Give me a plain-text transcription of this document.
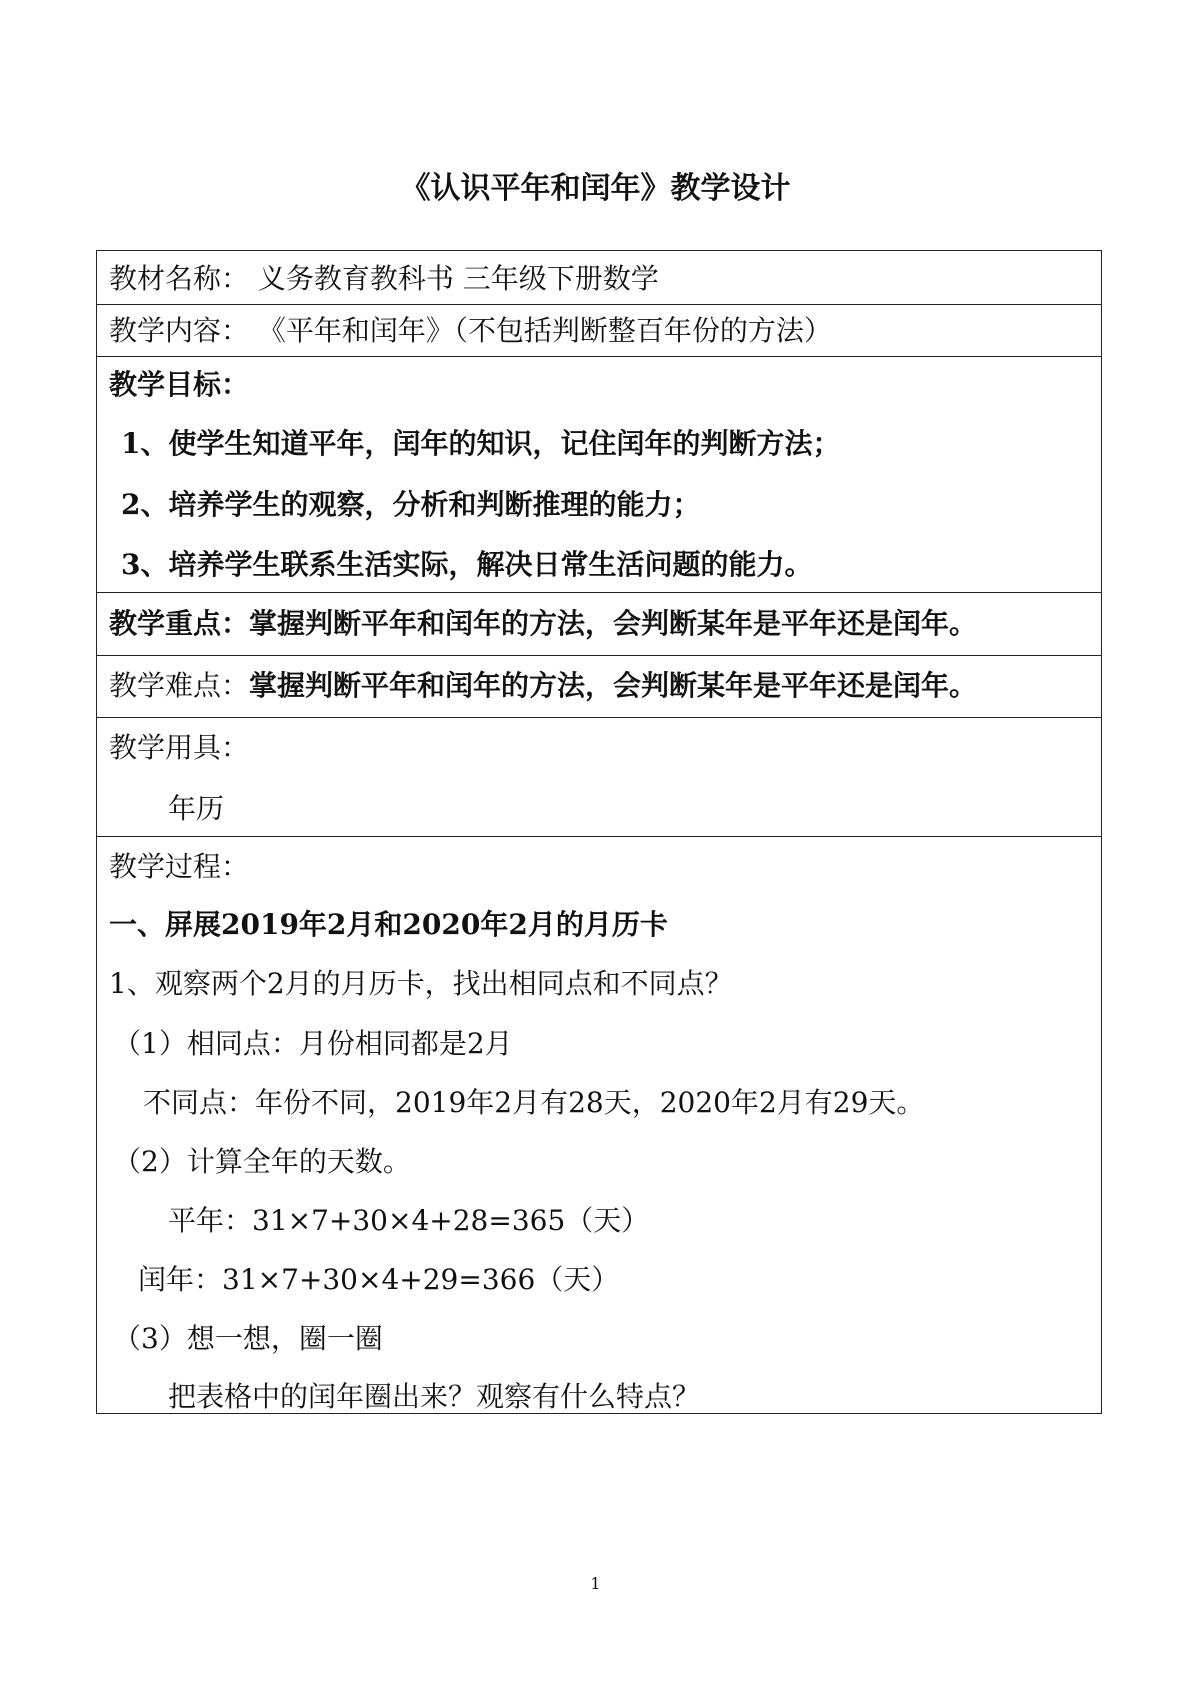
《认识平年和闰年》教学设计
教材名称： 义务教育教科书 三年级下册数学
教学内容： 《平年和闰年》（不包括判断整百年份的方法）
教学目标：
1、使学生知道平年，闰年的知识，记住闰年的判断方法；
2、培养学生的观察，分析和判断推理的能力；
3、培养学生联系生活实际，解决日常生活问题的能力。
教学重点：掌握判断平年和闰年的方法，会判断某年是平年还是闰年。
教学难点： 掌握判断平年和闰年的方法，会判断某年是平年还是闰年。
教学用具：
年历
教学过程：
一、屏展2019年2月和2020年2月的月历卡
1、观察两个2月的月历卡，找出相同点和不同点？
（1）相同点：月份相同都是2月
不同点：年份不同，2019年2月有28天，2020年2月有29天。
（2）计算全年的天数。
平年：31×7+30×4+28=365（天）
闰年：31×7+30×4+29=366（天）
（3）想一想，圈一圈
把表格中的闰年圈出来？观察有什么特点？
1
